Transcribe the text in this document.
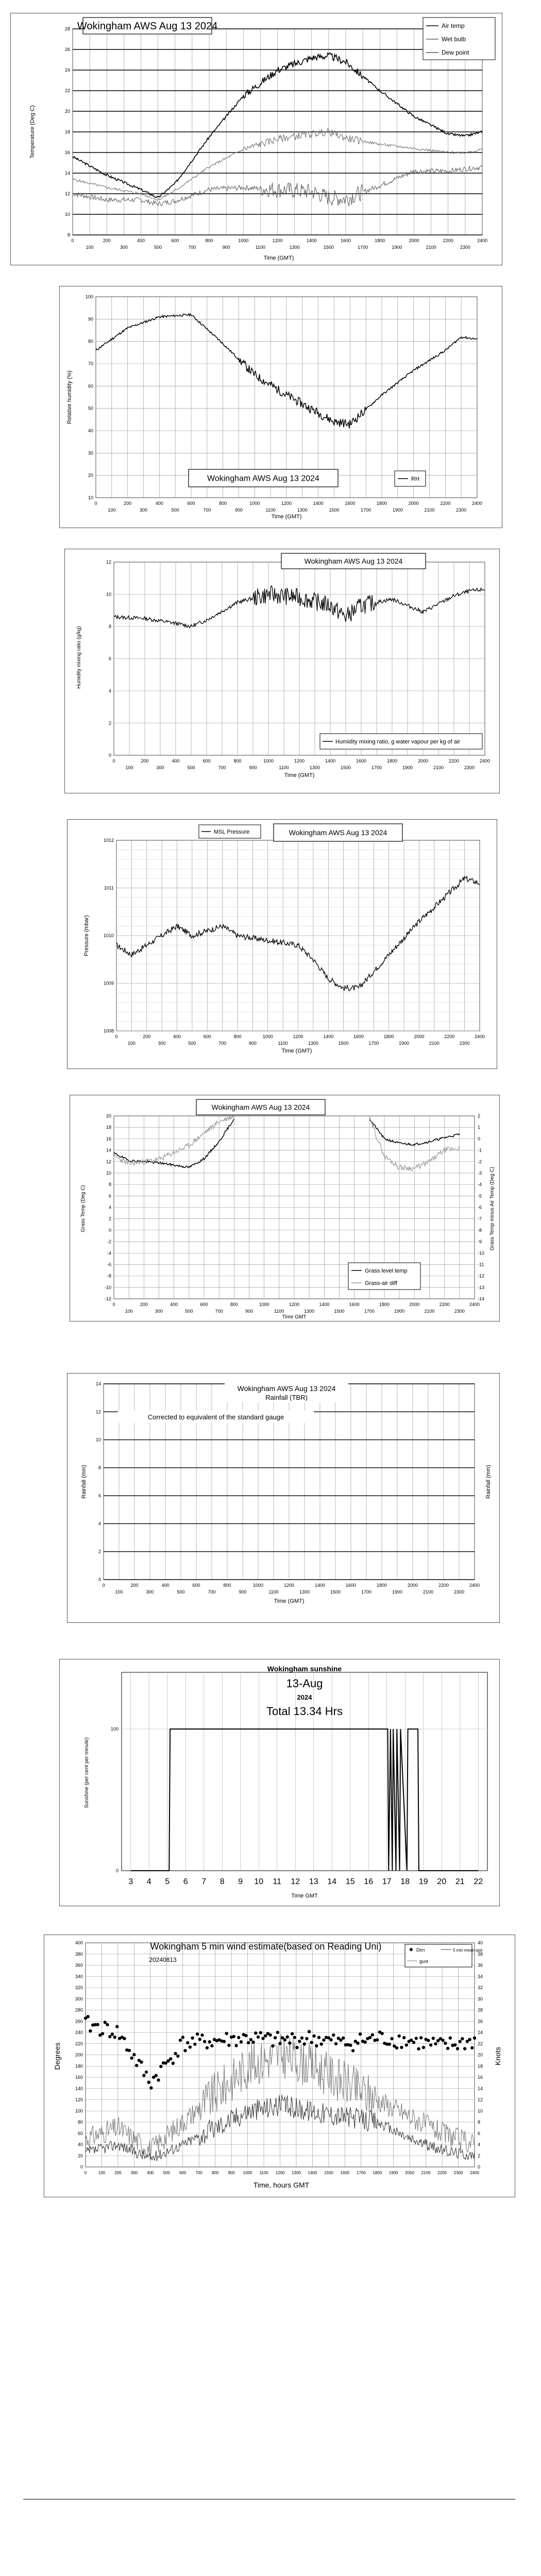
8
10
12
14
16
18
20
22
24
26
28
0
100
200
300
400
500
600
700
800
900
1000
1100
1200
1300
1400
1500
1600
1700
1800
1900
2000
2100
2200
2300
2400
Wokingham AWS Aug 13 2024	Air temp
Wet bulb
Dew point
Temperature (Deg C)
Time (GMT)
10
20
30
40
50
60
70
80
90
100
0
100
200
300
400
500
600
700
800
900
1000
1100
1200
1300
1400
1500
1600
1700
1800
1900
2000
2100
2200
2300
2400
Wokingham AWS Aug 13 2024	RH
Relative humidity (%)
Time (GMT)
0
2
4
6
8
10
12
0
100
200
300
400
500
600
700
800
900
1000
1100
1200
1300
1400
1500
1600
1700
1800
1900
2000
2100
2200
2300
2400
Wokingham AWS Aug 13 2024
Humidity mixing ratio, g water vapour per kg of air
Humidity mixing ratio (g/kg)
Time (GMT)
1008
1009
1010
1011
1012
0
100
200
300
400
500
600
700
800
900
1000
1100
1200
1300
1400
1500
1600
1700
1800
1900
2000
2100
2200
2300
2400
Wokingham AWS Aug 13 2024
MSL Pressure
Pressure (mbar)
Time (GMT)
-12
-10
-8
-6
-4
-2
0
2
4
6
8
10
12
14
16
18
20
0
100
200
300
400
500
600
700
800
900
1000
1100
1200
1300
1400
1500
1600
1700
1800
1900
2000
2100
2200
2300
2400
-14
-13
-12
-11
-10
-9
-8
-7
-6
-5
-4
-3
-2
-1
0
1
2
Wokingham AWS Aug 13 2024
Grass level temp
Grass-air diff
Grass Temp (Deg C)	Grass Temp minus Air Temp (Deg C)
Time GMT
0
2
4
6
8
10
12
14
0
100
200
300
400
500
600
700
800
900
1000
1100
1200
1300
1400
1500
1600
1700
1800
1900
2000
2100
2200
2300
2400
Wokingham AWS Aug 13 2024
Rainfall (TBR)
Corrected to equivalent of the standard gauge
Rainfall (mm)	Rainfall (mm)
Time (GMT)
3 4 5 6 7 8 9 10 11 12 13 14 15 16 17 18 19 20 21 22
100
0
Wokingham sunshine
13-Aug
2024
Total 13.34 Hrs
Sunshine (per cent per minute)
Time GMT
0
20
40
60
80
100
120
140
160
180
200
220
240
260
280
300
320
340
360
380
400
0	100 200 300 400 500 600 700 800 900 1000 1100 1200 1300 1400 1500 1600 1700 1800 1900 2000 2100 2200 2300 2400
0
2
4
6
8
10
12
14
16
18
20
22
24
26
28
30
32
34
36
38
40
Wokingham 5 min wind estimate(based on Reading Uni)
20240813
Dirn	5 min mean spd
gust
Degrees	Knots
Time, hours GMT
